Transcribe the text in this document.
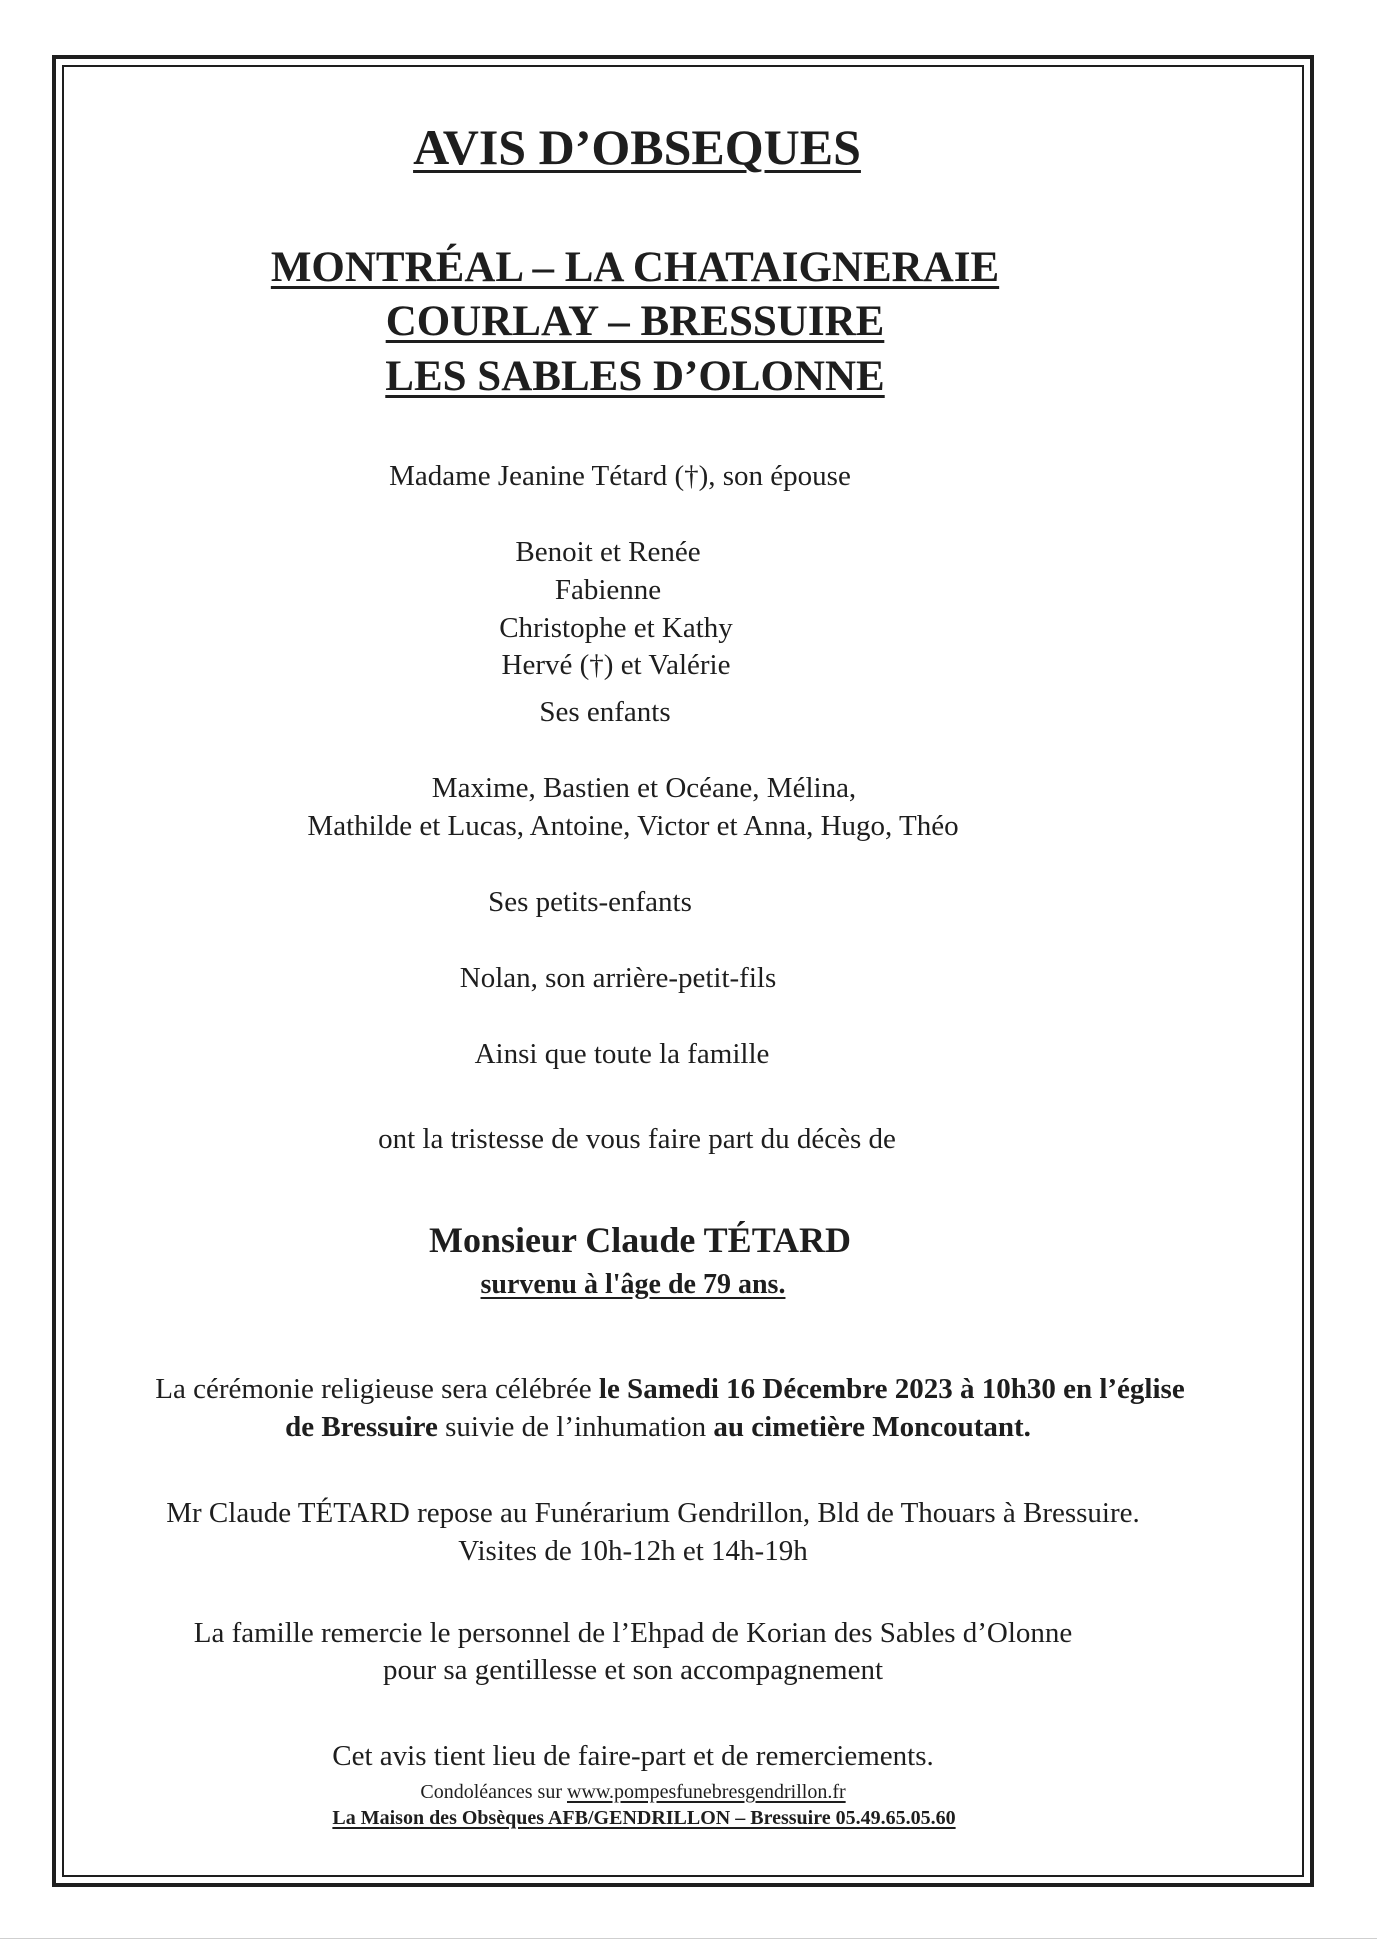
AVIS D’OBSEQUES
MONTRÉAL – LA CHATAIGNERAIE
COURLAY – BRESSUIRE
LES SABLES D’OLONNE
Madame Jeanine Tétard (†), son épouse
Benoit et Renée
Fabienne
Christophe et Kathy
Hervé (†) et Valérie
Ses enfants
Maxime, Bastien et Océane, Mélina,
Mathilde et Lucas, Antoine, Victor et Anna, Hugo, Théo
Ses petits-enfants
Nolan, son arrière-petit-fils
Ainsi que toute la famille
ont la tristesse de vous faire part du décès de
Monsieur Claude TÉTARD
survenu à l'âge de 79 ans.
La cérémonie religieuse sera célébrée le Samedi 16 Décembre 2023 à 10h30 en l’église
de Bressuire suivie de l’inhumation au cimetière Moncoutant.
Mr Claude TÉTARD repose au Funérarium Gendrillon, Bld de Thouars à Bressuire.
Visites de 10h-12h et 14h-19h
La famille remercie le personnel de l’Ehpad de Korian des Sables d’Olonne
pour sa gentillesse et son accompagnement
Cet avis tient lieu de faire-part et de remerciements.
Condoléances sur www.pompesfunebresgendrillon.fr
La Maison des Obsèques AFB/GENDRILLON – Bressuire 05.49.65.05.60
